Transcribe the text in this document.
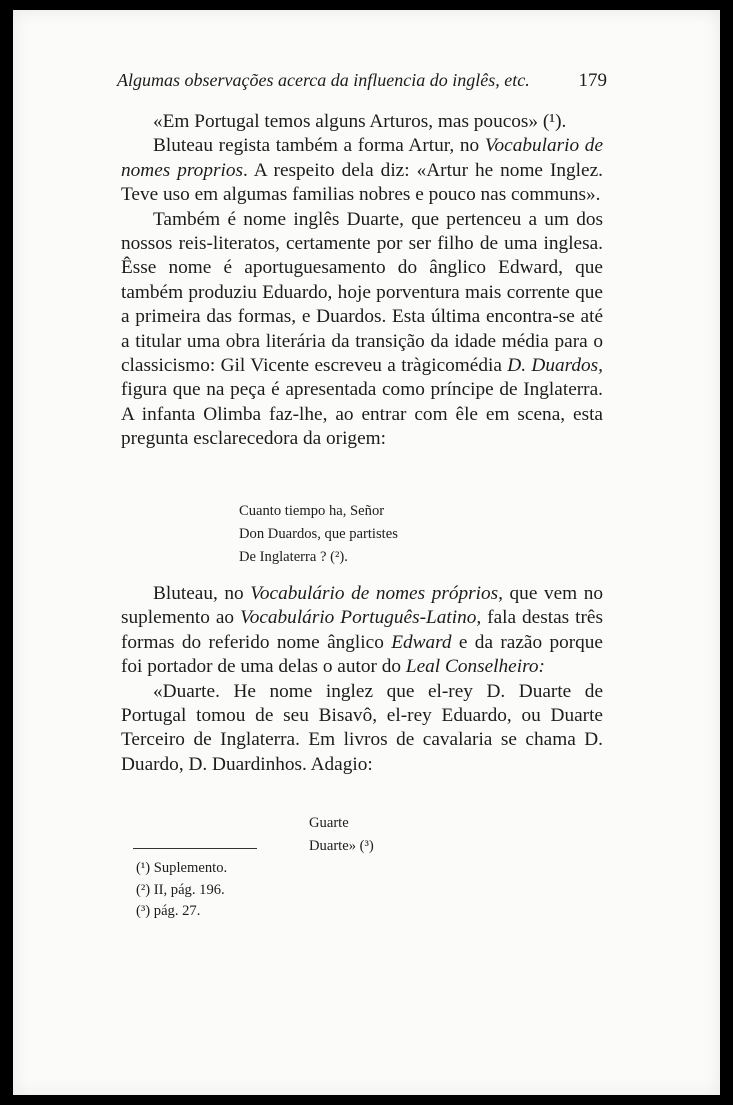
Algumas observações acerca da influencia do inglês, etc.	179

«Em Portugal temos alguns Arturos, mas poucos» (¹).

Bluteau regista também a forma Artur, no Vocabulario de nomes proprios. A respeito dela diz: «Artur he nome Inglez. Teve uso em algumas familias nobres e pouco nas communs».

Também é nome inglês Duarte, que pertenceu a um dos nossos reis-literatos, certamente por ser filho de uma inglesa. Êsse nome é aportuguesamento do ânglico Edward, que também produziu Eduardo, hoje porventura mais corrente que a primeira das formas, e Duardos. Esta última encontra-se até a titular uma obra literária da transição da idade média para o classicismo: Gil Vicente escreveu a tràgicomédia D. Duardos, figura que na peça é apresentada como príncipe de Inglaterra. A infanta Olimba faz-lhe, ao entrar com êle em scena, esta pregunta esclarecedora da origem:

Cuanto tiempo ha, Señor
Don Duardos, que partistes
De Inglaterra ? (²).

Bluteau, no Vocabulário de nomes próprios, que vem no suplemento ao Vocabulário Português-Latino, fala destas três formas do referido nome ânglico Edward e da razão porque foi portador de uma delas o autor do Leal Conselheiro:

«Duarte. He nome inglez que el-rey D. Duarte de Portugal tomou de seu Bisavô, el-rey Eduardo, ou Duarte Terceiro de Inglaterra. Em livros de cavalaria se chama D. Duardo, D. Duardinhos. Adagio:

Guarte
Duarte» (³)
(¹) Suplemento.
(²) II, pág. 196.
(³) pág. 27.
